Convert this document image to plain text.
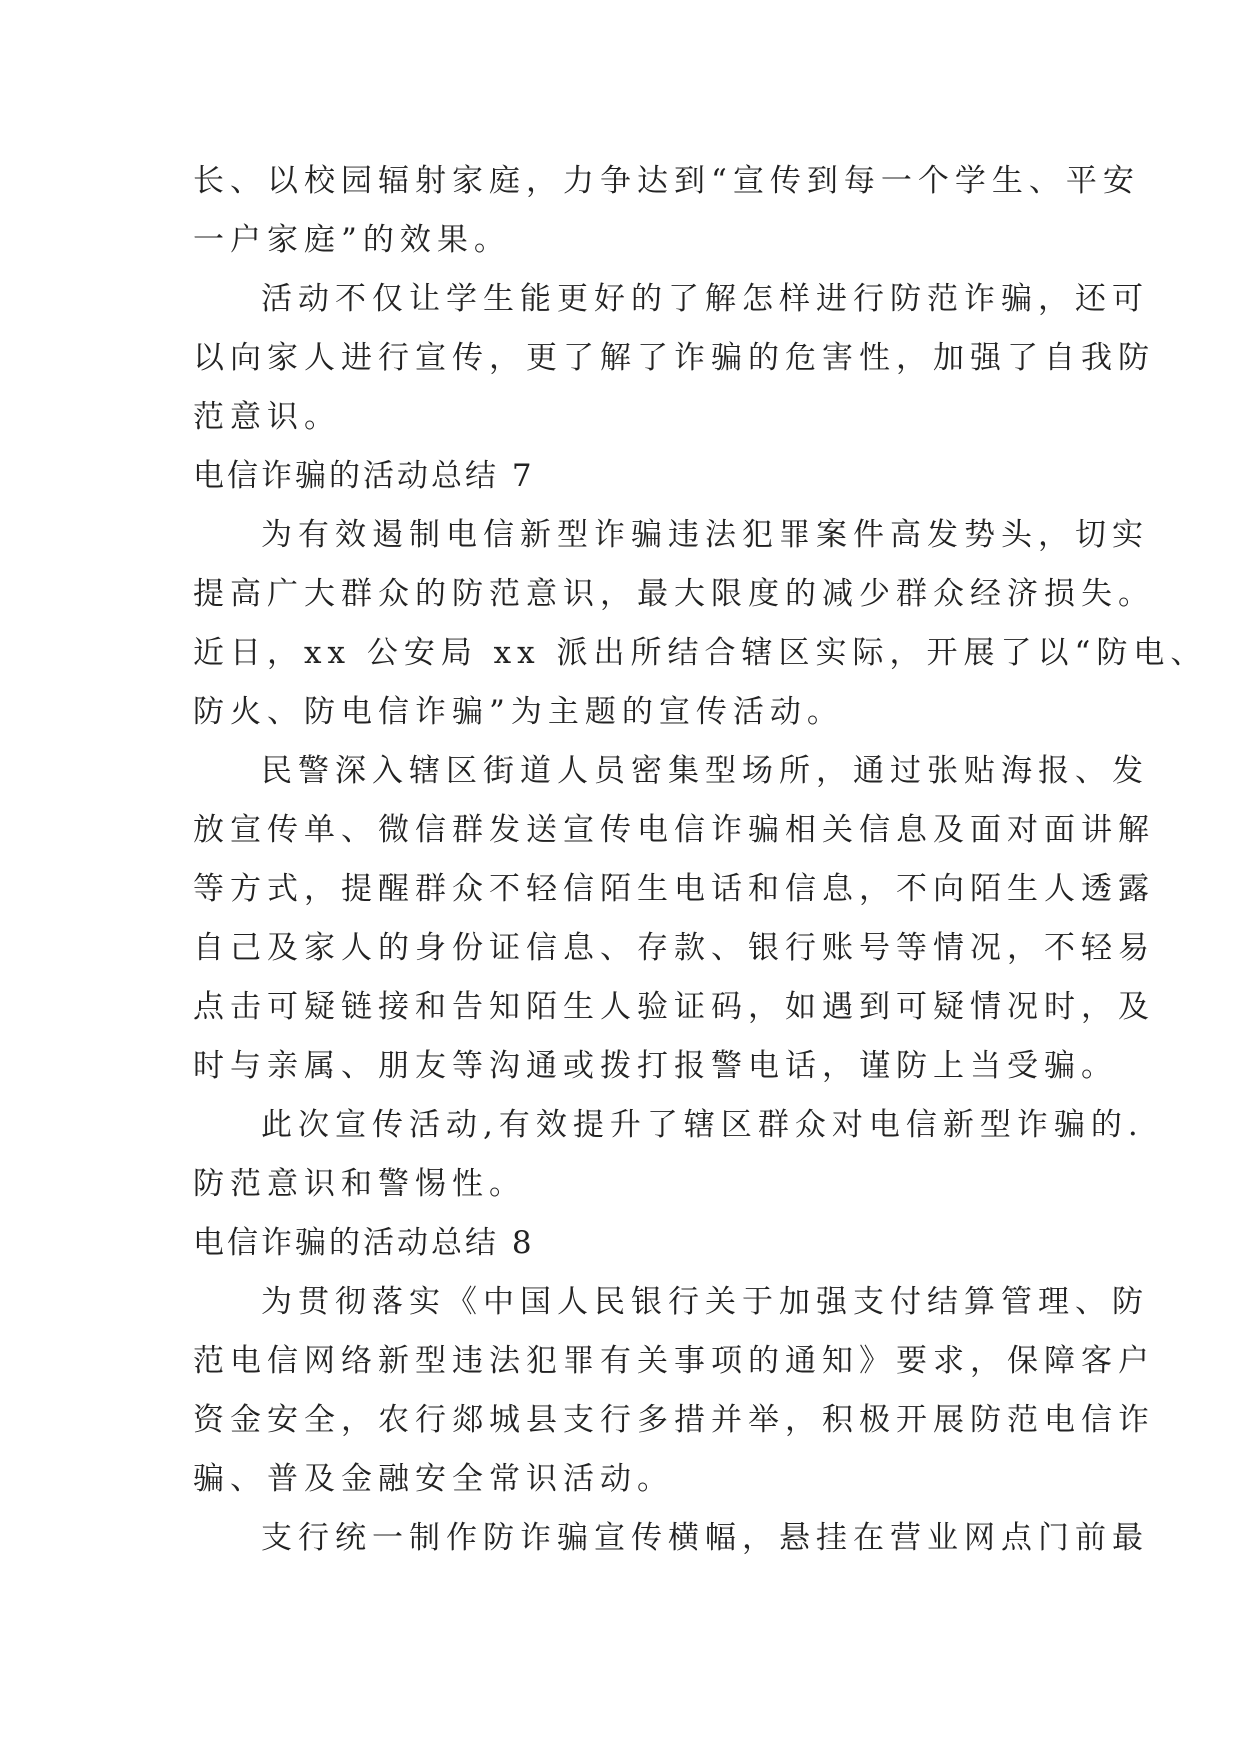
长、以校园辐射家庭，力争达到“宣传到每一个学生、平安
一户家庭”的效果。
活动不仅让学生能更好的了解怎样进行防范诈骗，还可
以向家人进行宣传，更了解了诈骗的危害性，加强了自我防
范意识。
电信诈骗的活动总结 7
为有效遏制电信新型诈骗违法犯罪案件高发势头，切实
提高广大群众的防范意识，最大限度的减少群众经济损失。
近日，xx 公安局 xx 派出所结合辖区实际，开展了以“防电、
防火、防电信诈骗”为主题的宣传活动。
民警深入辖区街道人员密集型场所，通过张贴海报、发
放宣传单、微信群发送宣传电信诈骗相关信息及面对面讲解
等方式，提醒群众不轻信陌生电话和信息，不向陌生人透露
自己及家人的身份证信息、存款、银行账号等情况，不轻易
点击可疑链接和告知陌生人验证码，如遇到可疑情况时，及
时与亲属、朋友等沟通或拨打报警电话，谨防上当受骗。
此次宣传活动,有效提升了辖区群众对电信新型诈骗的.
防范意识和警惕性。
电信诈骗的活动总结 8
为贯彻落实《中国人民银行关于加强支付结算管理、防
范电信网络新型违法犯罪有关事项的通知》要求，保障客户
资金安全，农行郯城县支行多措并举，积极开展防范电信诈
骗、普及金融安全常识活动。
支行统一制作防诈骗宣传横幅，悬挂在营业网点门前最
